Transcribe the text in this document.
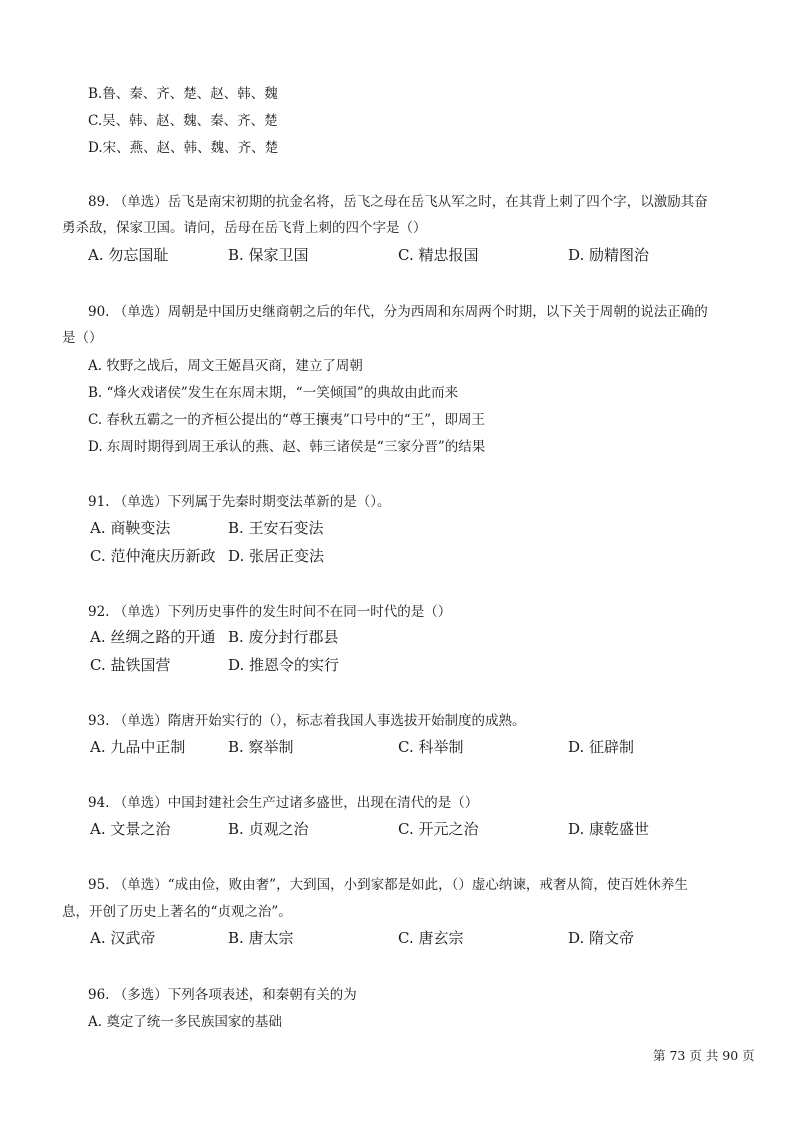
B.鲁、秦、齐、楚、赵、韩、魏
C.吴、韩、赵、魏、秦、齐、楚
D.宋、燕、赵、韩、魏、齐、楚
89. （单选）岳飞是南宋初期的抗金名将，岳飞之母在岳飞从军之时，在其背上刺了四个字，以激励其奋
勇杀敌，保家卫国。请问，岳母在岳飞背上刺的四个字是（）
A. 勿忘国耻	B. 保家卫国	C. 精忠报国	D. 励精图治
90. （单选）周朝是中国历史继商朝之后的年代，分为西周和东周两个时期，以下关于周朝的说法正确的
是（）
A. 牧野之战后，周文王姬昌灭商，建立了周朝
B. “烽火戏诸侯”发生在东周末期，“一笑倾国”的典故由此而来
C. 春秋五霸之一的齐桓公提出的“尊王攘夷”口号中的“王”，即周王
D. 东周时期得到周王承认的燕、赵、韩三诸侯是“三家分晋”的结果
91. （单选）下列属于先秦时期变法革新的是（）。
A. 商鞅变法	B. 王安石变法
C. 范仲淹庆历新政 D. 张居正变法
92. （单选）下列历史事件的发生时间不在同一时代的是（）
A. 丝绸之路的开通 B. 废分封行郡县
C. 盐铁国营	D. 推恩令的实行
93. （单选）隋唐开始实行的（），标志着我国人事选拔开始制度的成熟。
A. 九品中正制	B. 察举制	C. 科举制	D. 征辟制
94. （单选）中国封建社会生产过诸多盛世，出现在清代的是（）
A. 文景之治	B. 贞观之治	C. 开元之治	D. 康乾盛世
95. （单选）“成由俭，败由奢”，大到国，小到家都是如此，（）虚心纳谏，戒奢从简，使百姓休养生
息，开创了历史上著名的“贞观之治”。
A. 汉武帝	B. 唐太宗	C. 唐玄宗	D. 隋文帝
96. （多选）下列各项表述，和秦朝有关的为
A. 奠定了统一多民族国家的基础
第 73 页 共 90 页
